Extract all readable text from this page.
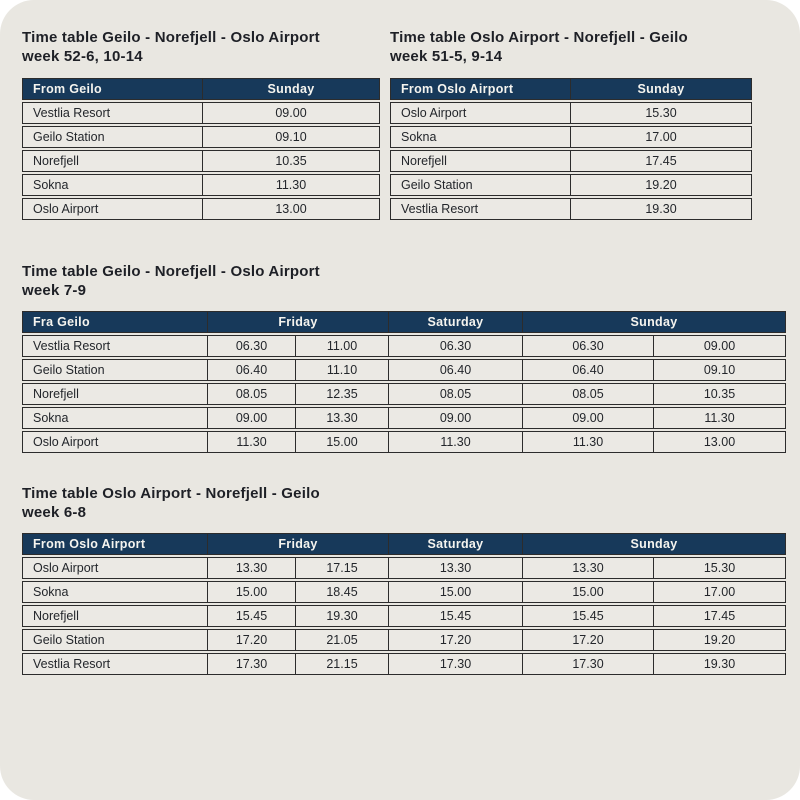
Time table Geilo - Norefjell - Oslo Airport
week 52-6, 10-14
From Geilo	Sunday
Vestlia Resort	09.00
Geilo Station	09.10
Norefjell	10.35
Sokna	11.30
Oslo Airport	13.00
Time table Oslo Airport - Norefjell - Geilo
week 51-5, 9-14
From Oslo Airport	Sunday
Oslo Airport	15.30
Sokna	17.00
Norefjell	17.45
Geilo Station	19.20
Vestlia Resort	19.30
Time table Geilo - Norefjell - Oslo Airport
week 7-9
Fra Geilo	Friday		Saturday	Sunday	
Vestlia Resort	06.30	11.00	06.30	06.30	09.00
Geilo Station	06.40	11.10	06.40	06.40	09.10
Norefjell	08.05	12.35	08.05	08.05	10.35
Sokna	09.00	13.30	09.00	09.00	11.30
Oslo Airport	11.30	15.00	11.30	11.30	13.00
Time table Oslo Airport - Norefjell - Geilo
week 6-8
From Oslo Airport	Friday		Saturday	Sunday	
Oslo Airport	13.30	17.15	13.30	13.30	15.30
Sokna	15.00	18.45	15.00	15.00	17.00
Norefjell	15.45	19.30	15.45	15.45	17.45
Geilo Station	17.20	21.05	17.20	17.20	19.20
Vestlia Resort	17.30	21.15	17.30	17.30	19.30
